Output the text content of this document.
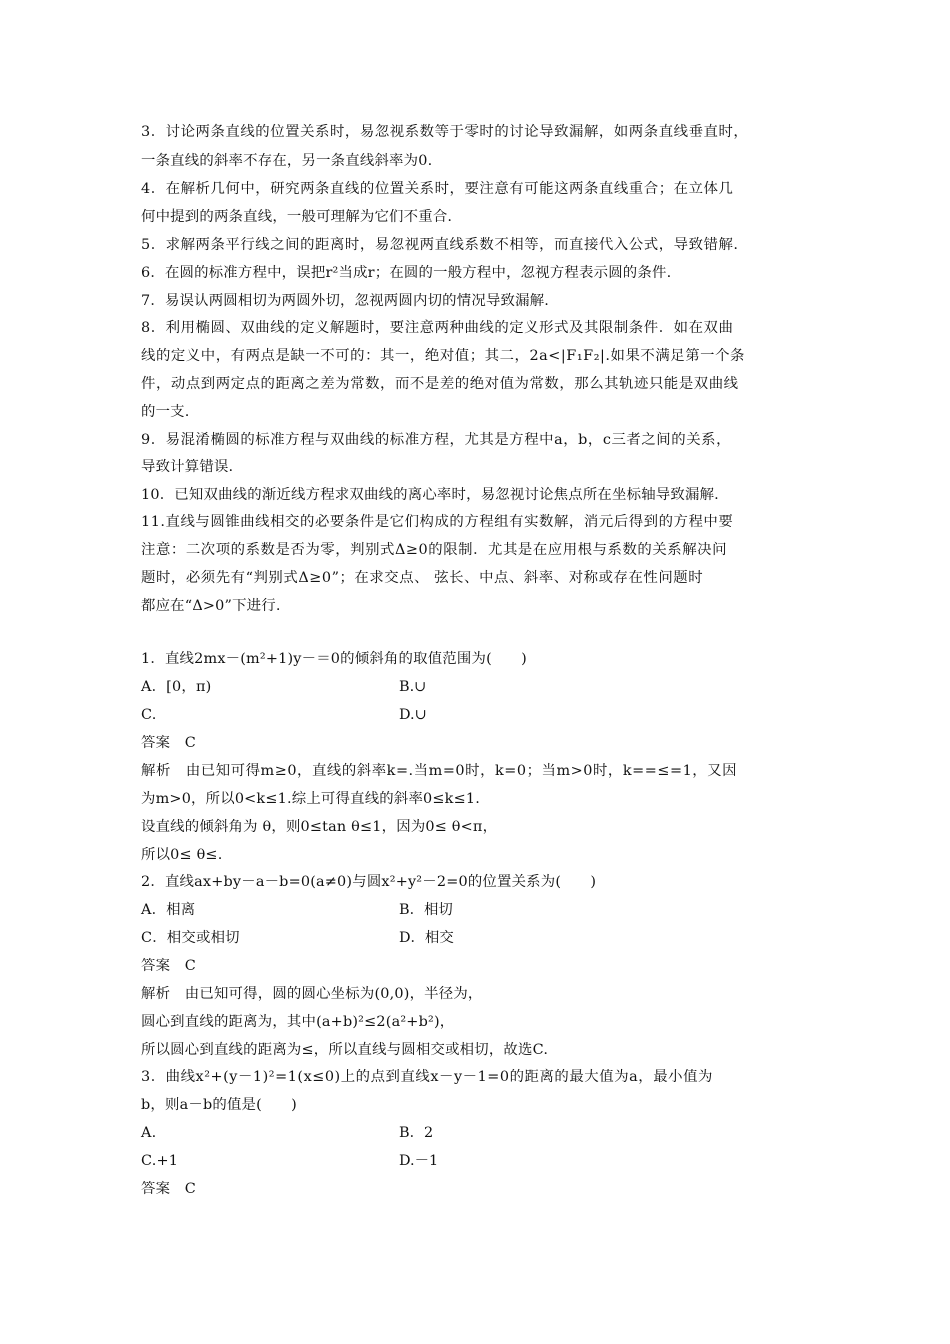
3．讨论两条直线的位置关系时，易忽视系数等于零时的讨论导致漏解，如两条直线垂直时，
一条直线的斜率不存在，另一条直线斜率为0.
4．在解析几何中，研究两条直线的位置关系时，要注意有可能这两条直线重合；在立体几
何中提到的两条直线，一般可理解为它们不重合.
5．求解两条平行线之间的距离时，易忽视两直线系数不相等，而直接代入公式，导致错解.
6．在圆的标准方程中，误把r²当成r；在圆的一般方程中，忽视方程表示圆的条件.
7．易误认两圆相切为两圆外切，忽视两圆内切的情况导致漏解.
8．利用椭圆、双曲线的定义解题时，要注意两种曲线的定义形式及其限制条件．如在双曲
线的定义中，有两点是缺一不可的：其一，绝对值；其二，2a<|F₁F₂|.如果不满足第一个条
件，动点到两定点的距离之差为常数，而不是差的绝对值为常数，那么其轨迹只能是双曲线
的一支.
9．易混淆椭圆的标准方程与双曲线的标准方程，尤其是方程中a，b，c三者之间的关系，
导致计算错误.
10．已知双曲线的渐近线方程求双曲线的离心率时，易忽视讨论焦点所在坐标轴导致漏解.
11.直线与圆锥曲线相交的必要条件是它们构成的方程组有实数解，消元后得到的方程中要
注意：二次项的系数是否为零，判别式Δ≥0的限制．尤其是在应用根与系数的关系解决问
题时，必须先有“判别式Δ≥0”；在求交点、 弦长、中点、斜率、对称或存在性问题时
都应在“Δ>0”下进行.
1．直线2mx－(m²+1)y－＝0的倾斜角的取值范围为(　　)
A．[0，π)	B.∪
C.	D.∪
答案　C
解析　由已知可得m≥0，直线的斜率k=.当m=0时，k=0；当m>0时，k==≤=1，又因
为m>0，所以0<k≤1.综上可得直线的斜率0≤k≤1.
设直线的倾斜角为 θ，则0≤tan θ≤1，因为0≤ θ<π，
所以0≤ θ≤.
2．直线ax+by－a－b=0(a≠0)与圆x²+y²－2=0的位置关系为(　　)
A．相离	B．相切
C．相交或相切	D．相交
答案　C
解析　由已知可得，圆的圆心坐标为(0,0)，半径为，
圆心到直线的距离为，其中(a+b)²≤2(a²+b²)，
所以圆心到直线的距离为≤，所以直线与圆相交或相切，故选C.
3．曲线x²+(y－1)²=1(x≤0)上的点到直线x－y－1=0的距离的最大值为a，最小值为
b，则a－b的值是(　　)
A.	B．2
C.+1	D.－1
答案　C
